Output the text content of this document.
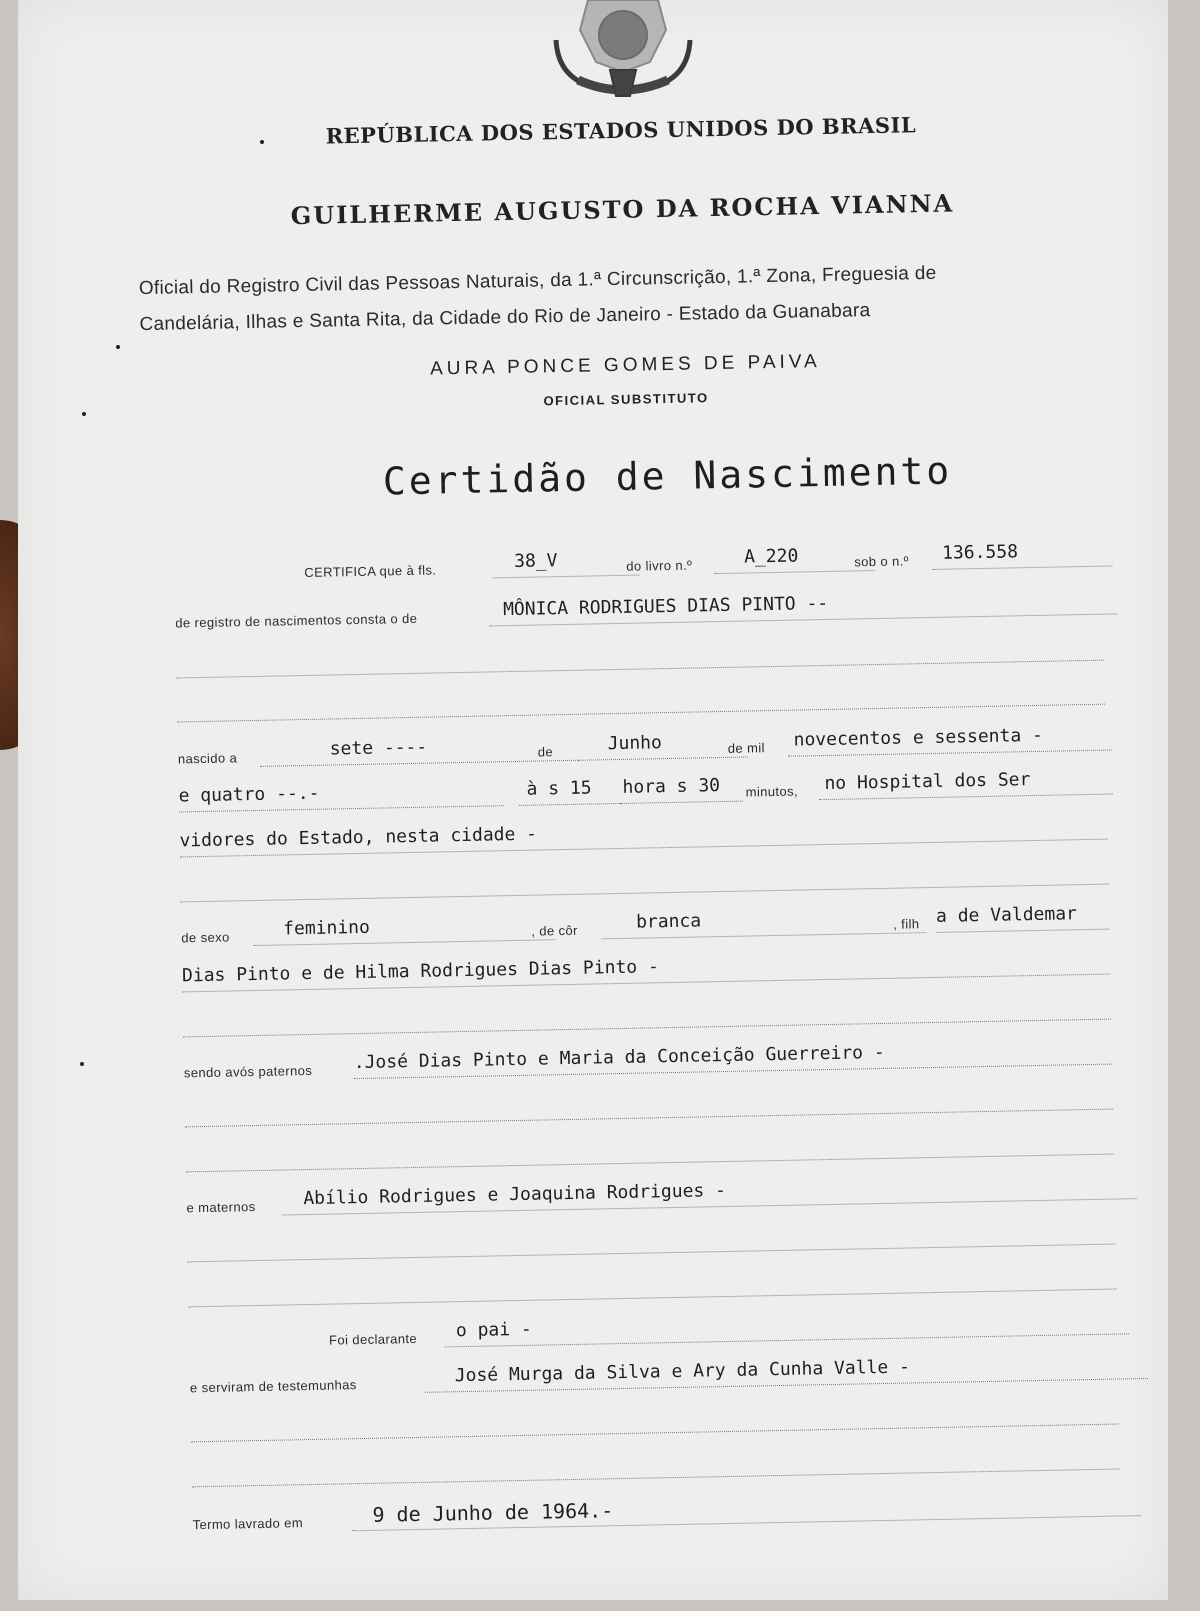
REPÚBLICA DOS ESTADOS UNIDOS DO BRASIL
GUILHERME AUGUSTO DA ROCHA VIANNA
Oficial do Registro Civil das Pessoas Naturais, da 1.ª Circunscrição, 1.ª Zona, Freguesia de
Candelária, Ilhas e Santa Rita, da Cidade do Rio de Janeiro - Estado da Guanabara
AURA PONCE GOMES DE PAIVA
OFICIAL SUBSTITUTO
Certidão de Nascimento
CERTIFICA que à fls.	38_V	do livro n.º	A_220	sob o n.º	136.558
de registro de nascimentos consta o de
MÔNICA RODRIGUES DIAS PINTO --
nascido a	sete ----	de	Junho	de mil	novecentos e sessenta -
e quatro --.-	à s 15	hora s 30	minutos,	no Hospital dos Ser
vidores do Estado, nesta cidade -
de sexo	feminino	, de côr	branca	, filh a de Valdemar
Dias Pinto e de Hilma Rodrigues Dias Pinto -
sendo avós paternos .José Dias Pinto e Maria da Conceição Guerreiro -
e maternos	Abílio Rodrigues e Joaquina Rodrigues -
Foi declarante	o pai -
e serviram de testemunhas	José Murga da Silva e Ary da Cunha Valle -
Termo lavrado em	9 de Junho de 1964.-
